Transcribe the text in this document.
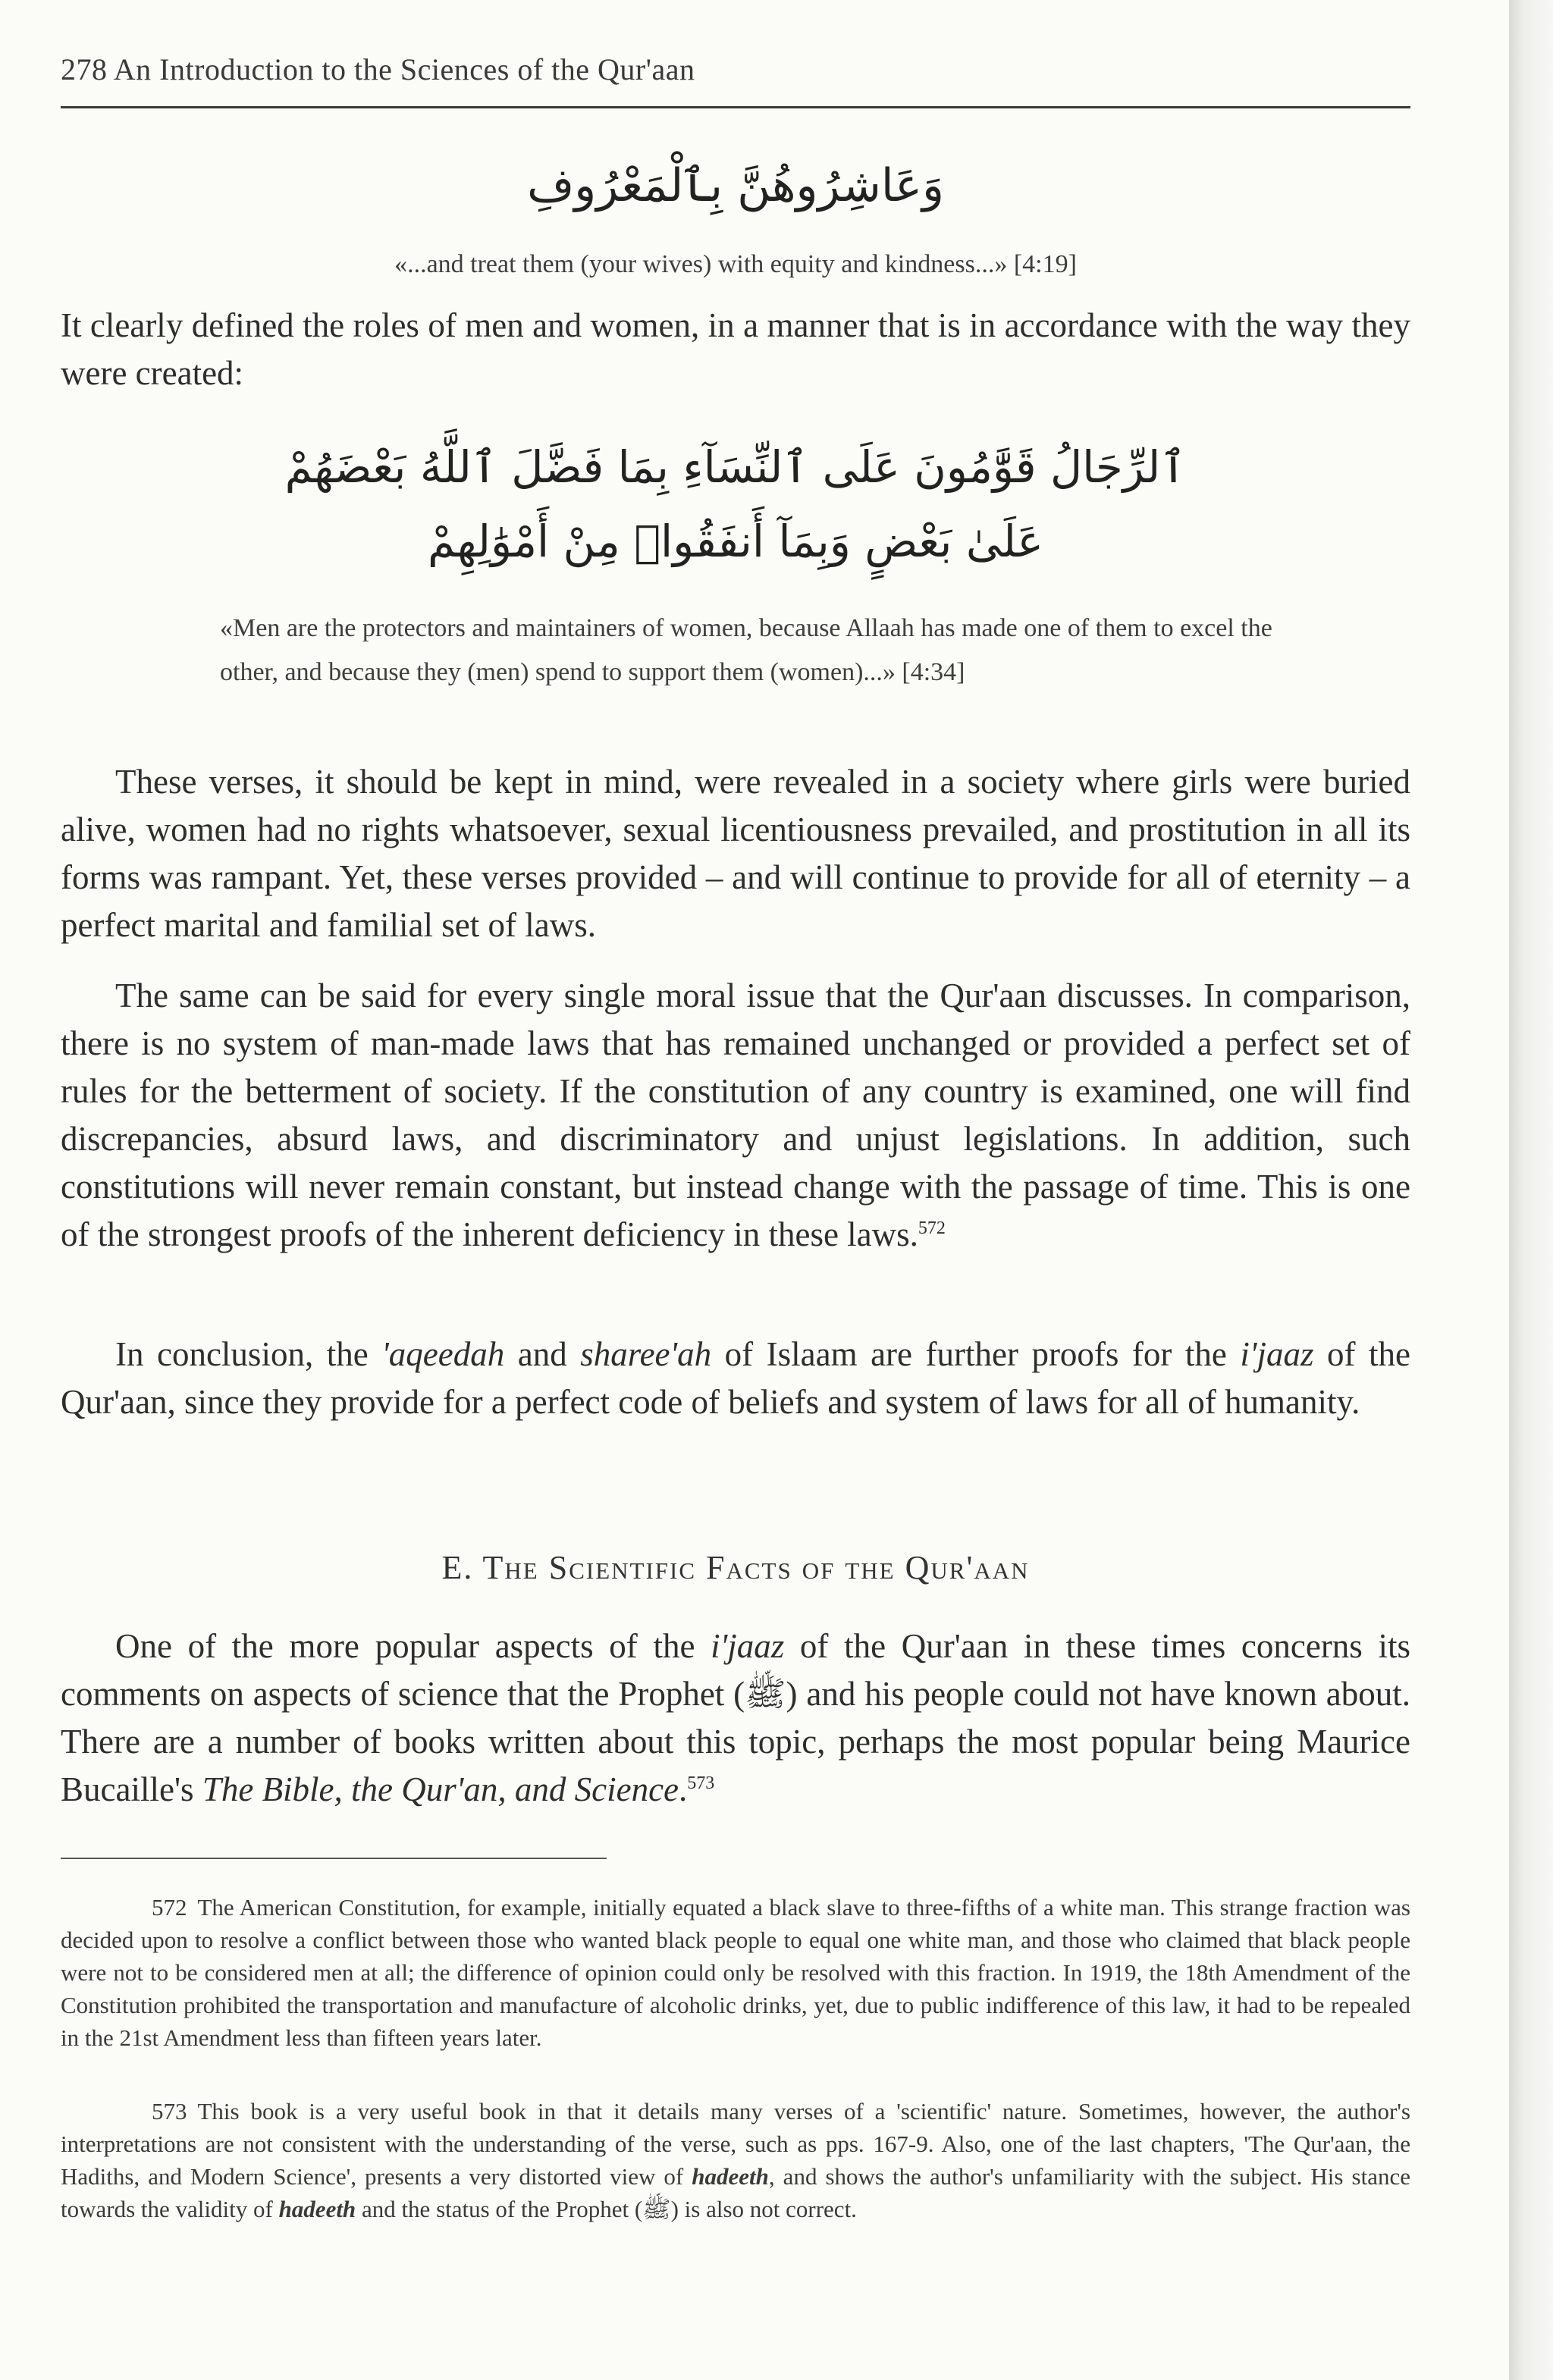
278 An Introduction to the Sciences of the Qur'aan
وَعَاشِرُوهُنَّ بِٱلْمَعْرُوفِ
«...and treat them (your wives) with equity and kindness...» [4:19]
It clearly defined the roles of men and women, in a manner that is in accordance with the way they were created:
ٱلرِّجَالُ قَوَّٰمُونَ عَلَى ٱلنِّسَآءِ بِمَا فَضَّلَ ٱللَّهُ بَعْضَهُمْ
عَلَىٰ بَعْضٍ وَبِمَآ أَنفَقُوا۟ مِنْ أَمْوَٰلِهِمْ
«Men are the protectors and maintainers of women, because Allaah has made one of them to excel the other, and because they (men) spend to support them (women)...» [4:34]
These verses, it should be kept in mind, were revealed in a society where girls were buried alive, women had no rights whatsoever, sexual licentiousness prevailed, and prostitution in all its forms was rampant. Yet, these verses provided – and will continue to provide for all of eternity – a perfect marital and familial set of laws.
The same can be said for every single moral issue that the Qur'aan discusses. In comparison, there is no system of man-made laws that has remained unchanged or provided a perfect set of rules for the betterment of society. If the constitution of any country is examined, one will find discrepancies, absurd laws, and discriminatory and unjust legislations. In addition, such constitutions will never remain constant, but instead change with the passage of time. This is one of the strongest proofs of the inherent deficiency in these laws.$^{572}$
In conclusion, the 'aqeedah and sharee'ah of Islaam are further proofs for the i'jaaz of the Qur'aan, since they provide for a perfect code of beliefs and system of laws for all of humanity.
E. The Scientific Facts of the Qur'aan
One of the more popular aspects of the i'jaaz of the Qur'aan in these times concerns its comments on aspects of science that the Prophet (ﷺ) and his people could not have known about. There are a number of books written about this topic, perhaps the most popular being Maurice Bucaille's The Bible, the Qur'an, and Science.$^{573}$
572 The American Constitution, for example, initially equated a black slave to three-fifths of a white man. This strange fraction was decided upon to resolve a conflict between those who wanted black people to equal one white man, and those who claimed that black people were not to be considered men at all; the difference of opinion could only be resolved with this fraction. In 1919, the 18th Amendment of the Constitution prohibited the transportation and manufacture of alcoholic drinks, yet, due to public indifference of this law, it had to be repealed in the 21st Amendment less than fifteen years later.
573 This book is a very useful book in that it details many verses of a 'scientific' nature. Sometimes, however, the author's interpretations are not consistent with the understanding of the verse, such as pps. 167-9. Also, one of the last chapters, 'The Qur'aan, the Hadiths, and Modern Science', presents a very distorted view of hadeeth, and shows the author's unfamiliarity with the subject. His stance towards the validity of hadeeth and the status of the Prophet (ﷺ) is also not correct.
